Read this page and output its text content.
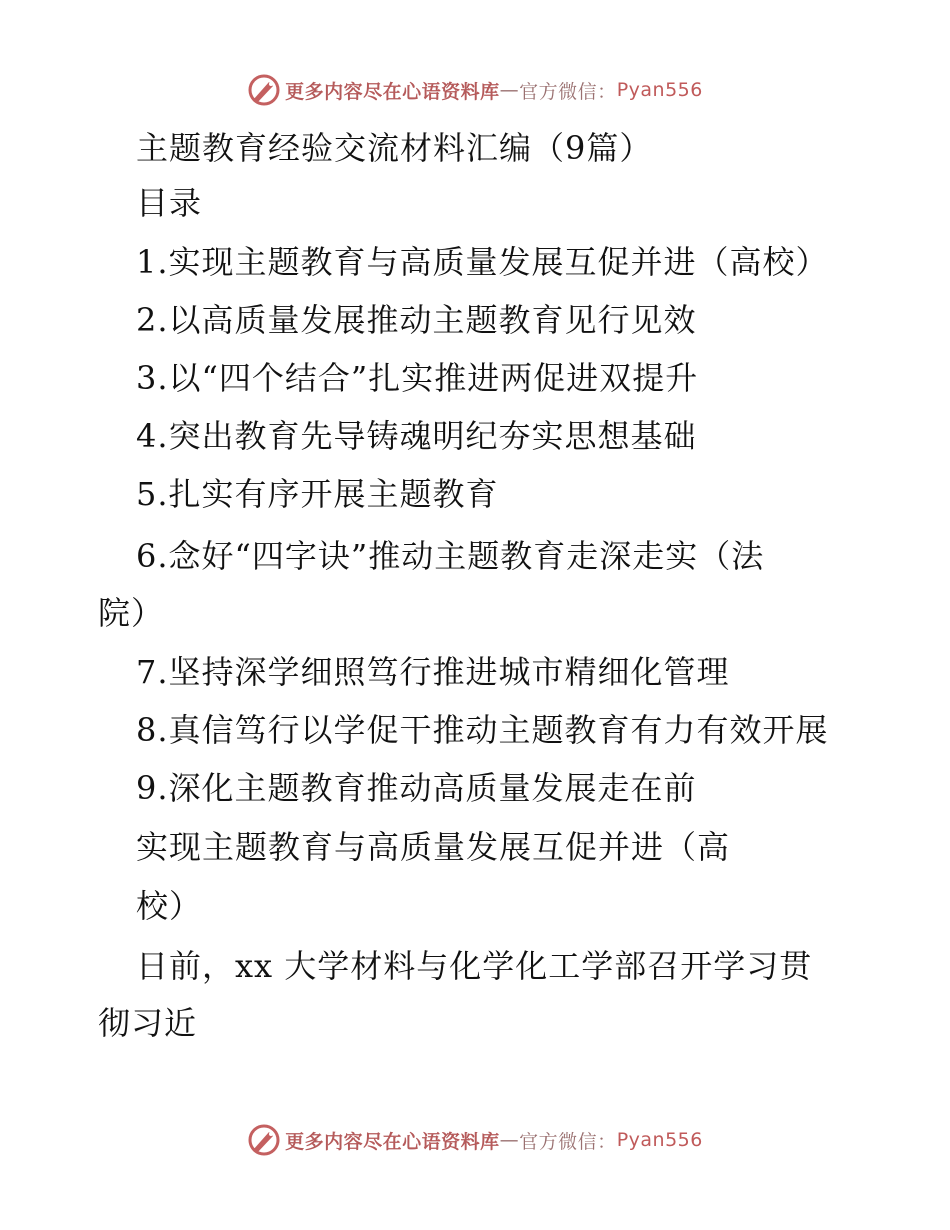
更多内容尽在心语资料库 — 官方微信： Pyan556
主题教育经验交流材料汇编（9篇）
目录
1.实现主题教育与高质量发展互促并进（高校）
2.以高质量发展推动主题教育见行见效
3.以“四个结合”扎实推进两促进双提升
4.突出教育先导铸魂明纪夯实思想基础
5.扎实有序开展主题教育
6.念好“四字诀”推动主题教育走深走实（法
院）
7.坚持深学细照笃行推进城市精细化管理
8.真信笃行以学促干推动主题教育有力有效开展
9.深化主题教育推动高质量发展走在前
实现主题教育与高质量发展互促并进（高
校）
日前，xx 大学材料与化学化工学部召开学习贯
彻习近
更多内容尽在心语资料库 — 官方微信： Pyan556
